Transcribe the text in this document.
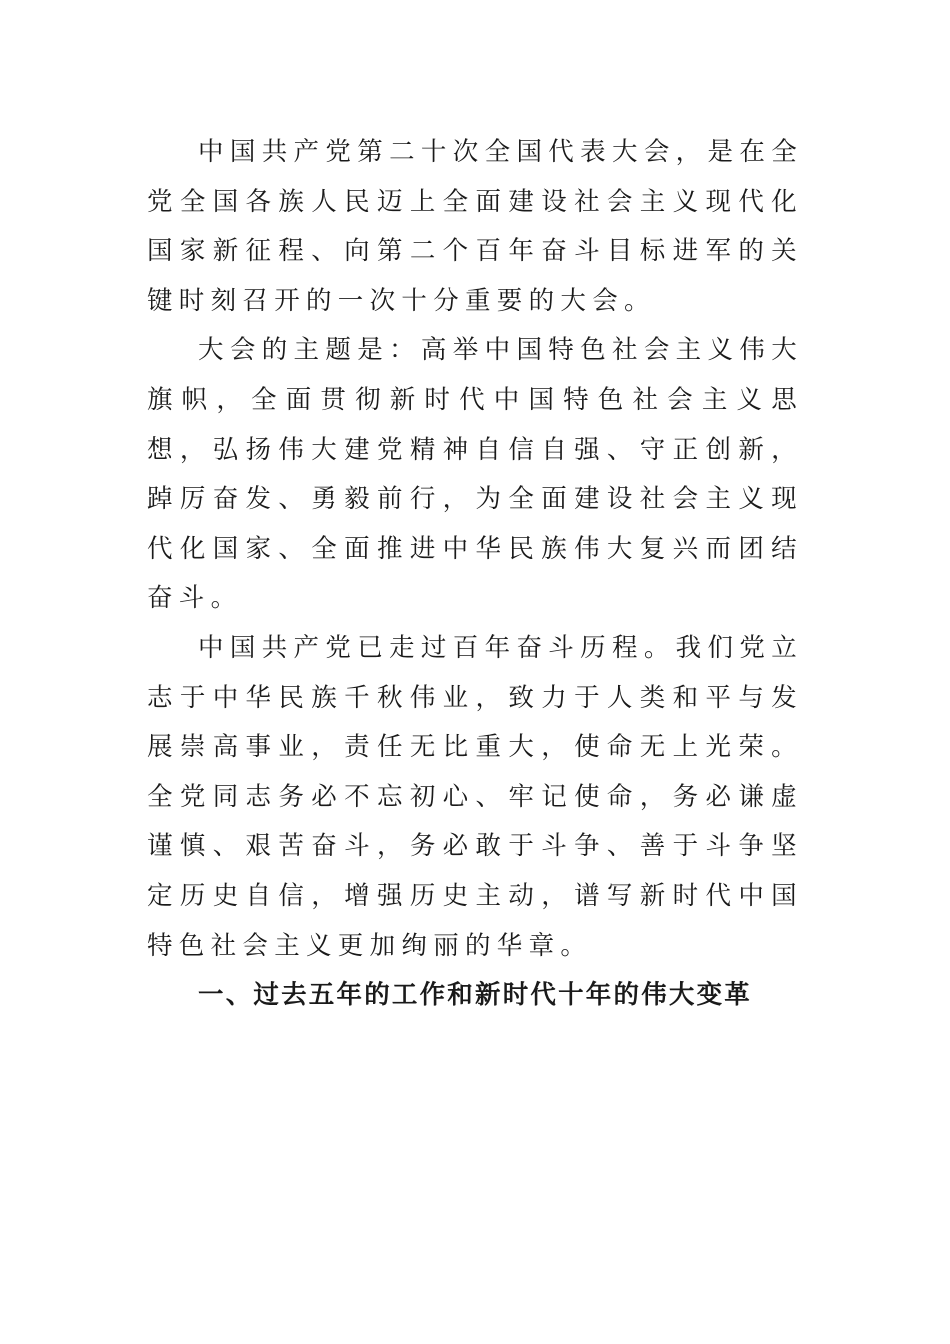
中国共产党第二十次全国代表大会，是在全党全国各族人民迈上全面建设社会主义现代化国家新征程、向第二个百年奋斗目标进军的关键时刻召开的一次十分重要的大会。

大会的主题是：高举中国特色社会主义伟大旗帜，全面贯彻新时代中国特色社会主义思想，弘扬伟大建党精神自信自强、守正创新，踔厉奋发、勇毅前行，为全面建设社会主义现代化国家、全面推进中华民族伟大复兴而团结奋斗。

中国共产党已走过百年奋斗历程。我们党立志于中华民族千秋伟业，致力于人类和平与发展崇高事业，责任无比重大，使命无上光荣。全党同志务必不忘初心、牢记使命，务必谦虚谨慎、艰苦奋斗，务必敢于斗争、善于斗争坚定历史自信，增强历史主动，谱写新时代中国特色社会主义更加绚丽的华章。

一、过去五年的工作和新时代十年的伟大变革
